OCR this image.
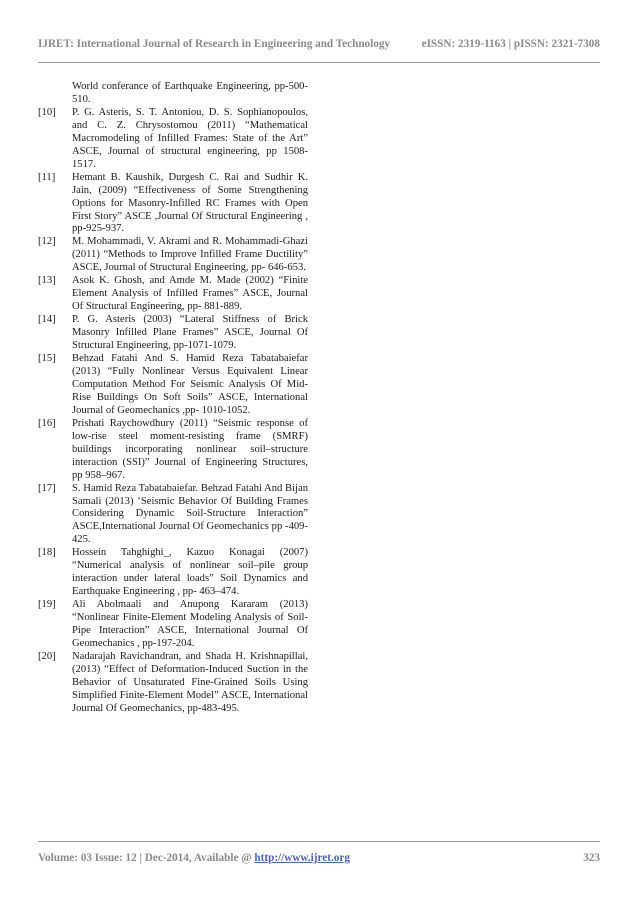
IJRET: International Journal of Research in Engineering and Technology	eISSN: 2319-1163 | pISSN: 2321-7308
World conferance of Earthquake Engineering, pp-500-510.
[10] P. G. Asteris, S. T. Antoniou, D. S. Sophianopoulos, and C. Z. Chrysostomou (2011) “Mathematical Macromodeling of Infilled Frames: State of the Art” ASCE, Journal of structural engineering, pp 1508-1517.
[11] Hemant B. Kaushik, Durgesh C. Rai and Sudhir K. Jain, (2009) “Effectiveness of Some Strengthening Options for Masonry-Infilled RC Frames with Open First Story” ASCE ,Journal Of Structural Engineering , pp-925-937.
[12] M. Mohammadi, V. Akrami and R. Mohammadi-Ghazi (2011) “Methods to Improve Infilled Frame Ductility” ASCE, Journal of Structural Engineering, pp- 646-653.
[13] Asok K. Ghosh, and Amde M. Made (2002) “Finite Element Analysis of Infilled Frames” ASCE, Journal Of Structural Engineering, pp- 881-889.
[14] P. G. Asteris (2003) “Lateral Stiffness of Brick Masonry Infilled Plane Frames” ASCE, Journal Of Structural Engineering, pp-1071-1079.
[15] Behzad Fatahi And S. Hamid Reza Tabatabaiefar (2013) “Fully Nonlinear Versus Equivalent Linear Computation Method For Seismic Analysis Of Mid-Rise Buildings On Soft Soils” ASCE, International Journal of Geomechanics ,pp- 1010-1052.
[16] Prishati Raychowdhury (2011) “Seismic response of low-rise steel moment-resisting frame (SMRF) buildings incorporating nonlinear soil–structure interaction (SSI)” Journal of Engineering Structures, pp 958–967.
[17] S. Hamid Reza Tabatabaiefar. Behzad Fatahi And Bijan Samali (2013) ‘Seismic Behavior Of Building Frames Considering Dynamic Soil-Structure Interaction” ASCE,International Journal Of Geomechanics pp -409-425.
[18] Hossein Tahghighi_, Kazuo Konagai (2007) “Numerical analysis of nonlinear soil–pile group interaction under lateral loads” Soil Dynamics and Earthquake Engineering , pp- 463–474.
[19] Ali Abolmaali and Anupong Kararam (2013) “Nonlinear Finite-Element Modeling Analysis of Soil-Pipe Interaction” ASCE, International Journal Of Geomechanics , pp-197-204.
[20] Nadarajah Ravichandran, and Shada H. Krishnapillai, (2013) “Effect of Deformation-Induced Suction in the Behavior of Unsaturated Fine-Grained Soils Using Simplified Finite-Element Model” ASCE, International Journal Of Geomechanics, pp-483-495.
Volume: 03 Issue: 12 | Dec-2014, Available @ http://www.ijret.org	323
